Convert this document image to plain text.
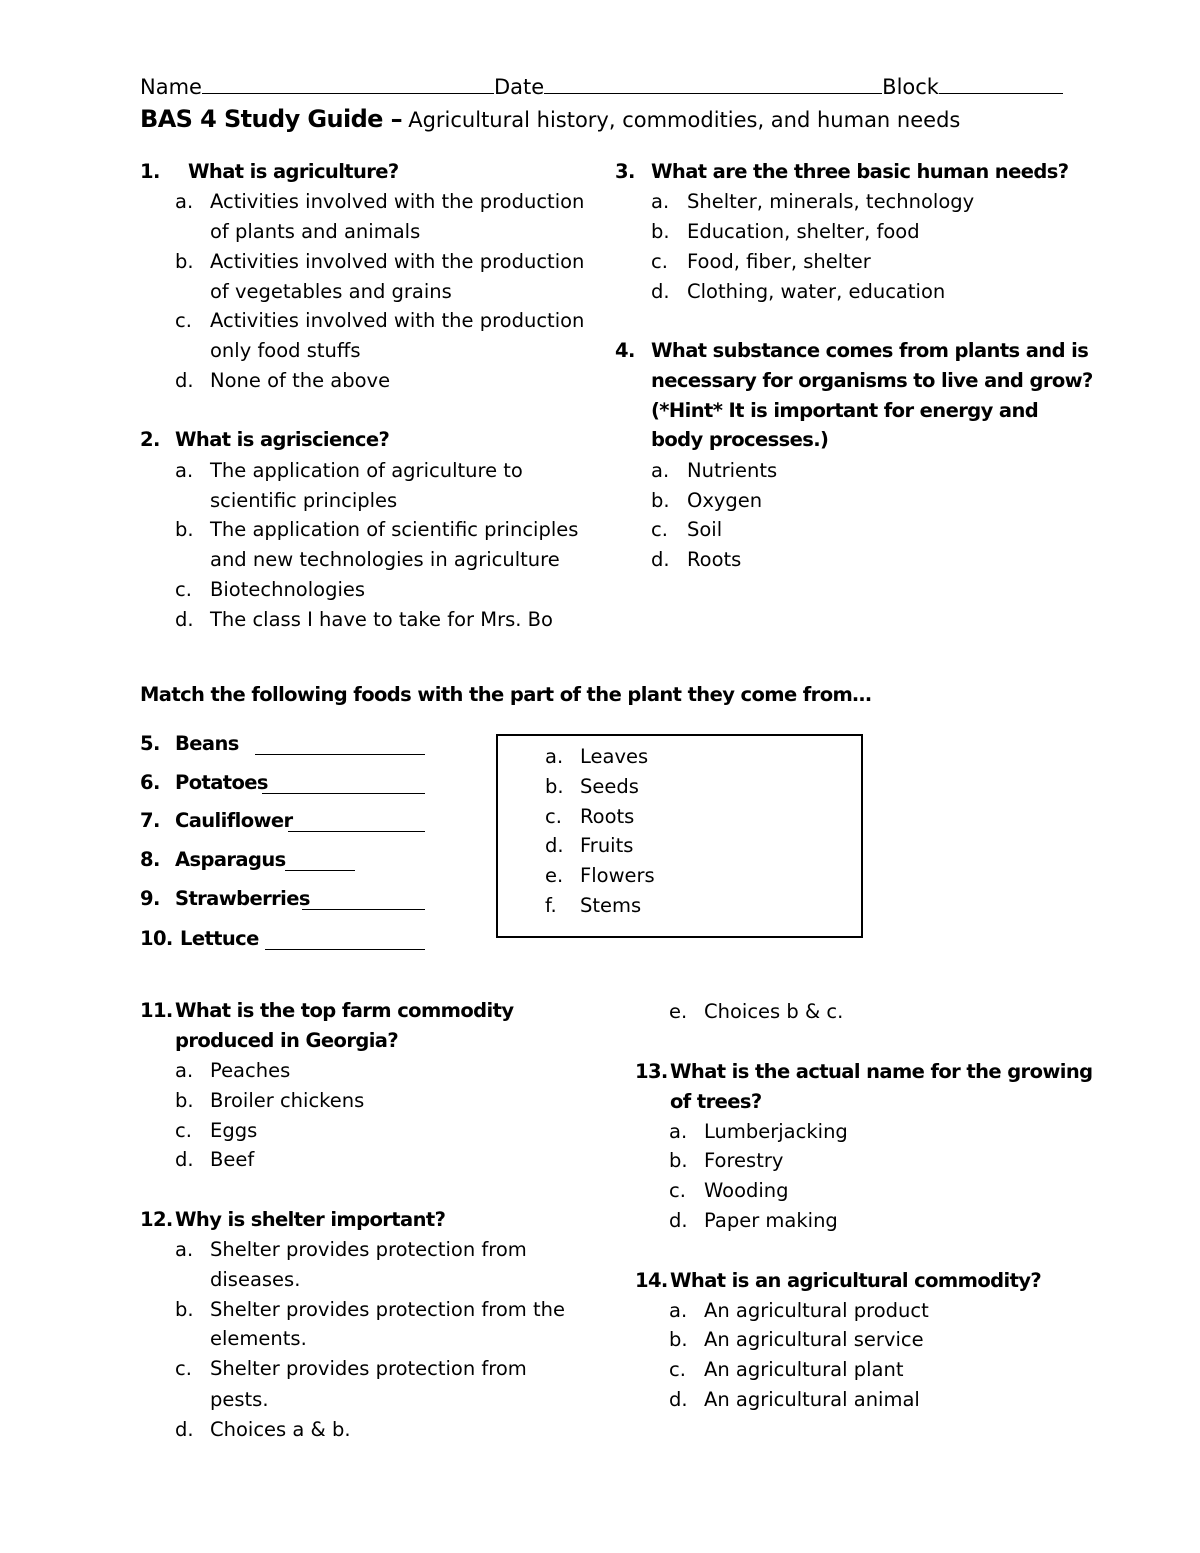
Name	Date	Block
BAS 4 Study Guide – Agricultural history, commodities, and human needs
1. What is agriculture?
a. Activities involved with the production
of plants and animals
b. Activities involved with the production
of vegetables and grains
c. Activities involved with the production
only food stuffs
d. None of the above
2. What is agriscience?
a. The application of agriculture to
scientific principles
b. The application of scientific principles
and new technologies in agriculture
c. Biotechnologies
d. The class I have to take for Mrs. Bo
3. What are the three basic human needs?
a. Shelter, minerals, technology
b. Education, shelter, food
c. Food, fiber, shelter
d. Clothing, water, education
4. What substance comes from plants and is
necessary for organisms to live and grow?
(*Hint* It is important for energy and
body processes.)
a. Nutrients
b. Oxygen
c. Soil
d. Roots
Match the following foods with the part of the plant they come from…
5. Beans
6. Potatoes
7. Cauliflower
8. Asparagus
9. Strawberries
10. Lettuce
a. Leaves
b. Seeds
c. Roots
d. Fruits
e. Flowers
f. Stems
11. What is the top farm commodity
produced in Georgia?
a. Peaches
b. Broiler chickens
c. Eggs
d. Beef
e. Choices b & c.
12. Why is shelter important?
a. Shelter provides protection from
diseases.
b. Shelter provides protection from the
elements.
c. Shelter provides protection from
pests.
d. Choices a & b.
13. What is the actual name for the growing
of trees?
a. Lumberjacking
b. Forestry
c. Wooding
d. Paper making
14. What is an agricultural commodity?
a. An agricultural product
b. An agricultural service
c. An agricultural plant
d. An agricultural animal
